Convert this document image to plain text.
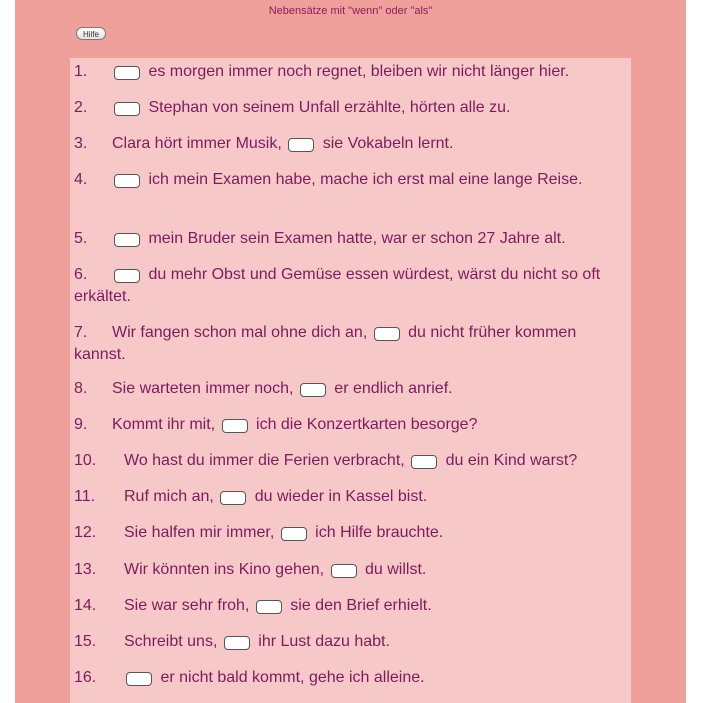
Nebensätze mit "wenn" oder "als"
Hilfe
1.	es morgen immer noch regnet, bleiben wir nicht länger hier.
2.	Stephan von seinem Unfall erzählte, hörten alle zu.
3. Clara hört immer Musik,  sie Vokabeln lernt.
4.	ich mein Examen habe, mache ich erst mal eine lange Reise.
5.	mein Bruder sein Examen hatte, war er schon 27 Jahre alt.
6.	du mehr Obst und Gemüse essen würdest, wärst du nicht so oft erkältet.
7. Wir fangen schon mal ohne dich an,  du nicht früher kommen kannst.
8. Sie warteten immer noch,  er endlich anrief.
9. Kommt ihr mit,  ich die Konzertkarten besorge?
10. Wo hast du immer die Ferien verbracht,  du ein Kind warst?
11. Ruf mich an,  du wieder in Kassel bist.
12. Sie halfen mir immer,  ich Hilfe brauchte.
13. Wir könnten ins Kino gehen,  du willst.
14. Sie war sehr froh,  sie den Brief erhielt.
15. Schreibt uns,  ihr Lust dazu habt.
16.	er nicht bald kommt, gehe ich alleine.
